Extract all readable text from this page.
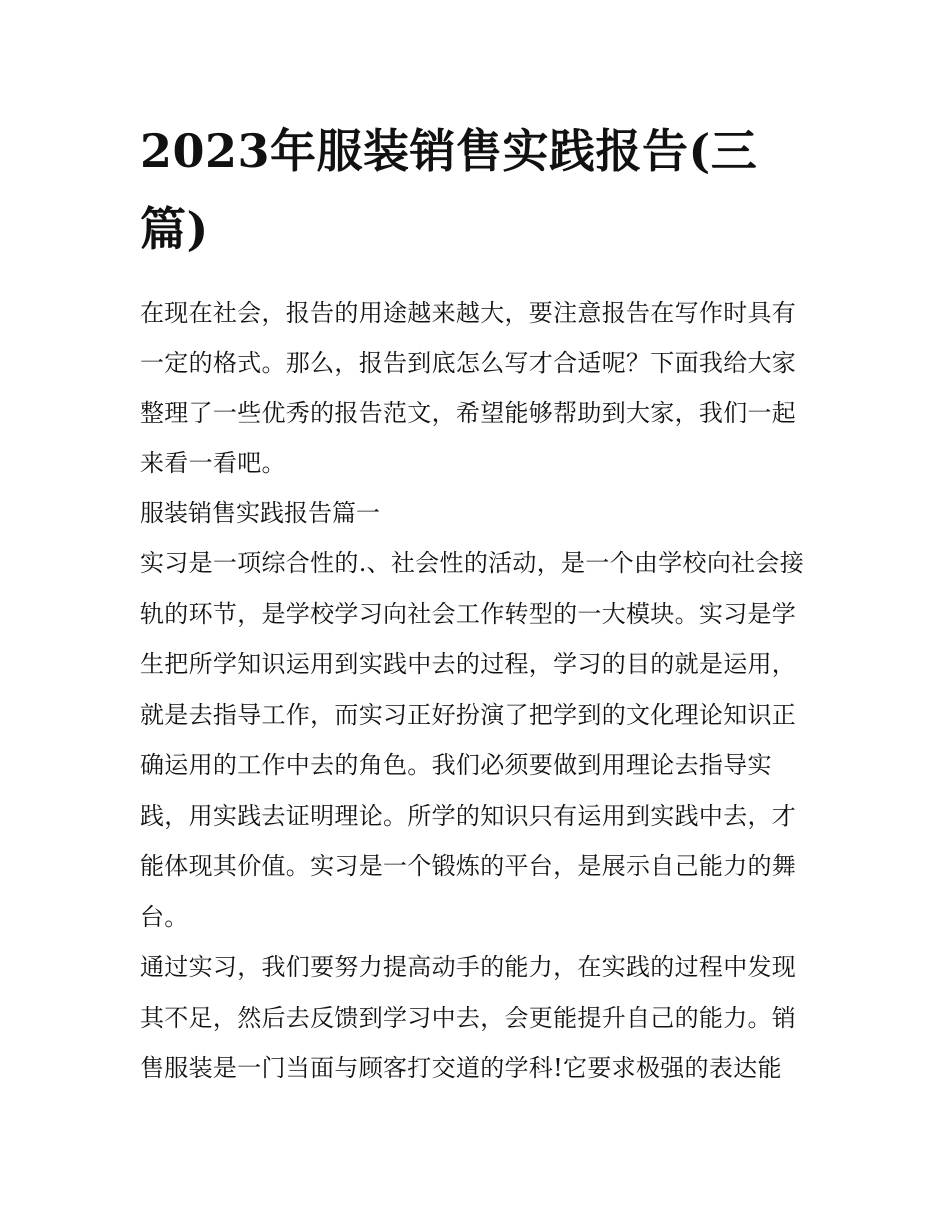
2023年服装销售实践报告(三篇)

在现在社会，报告的用途越来越大，要注意报告在写作时具有一定的格式。那么，报告到底怎么写才合适呢？下面我给大家整理了一些优秀的报告范文，希望能够帮助到大家，我们一起来看一看吧。

服装销售实践报告篇一

实习是一项综合性的.、社会性的活动，是一个由学校向社会接轨的环节，是学校学习向社会工作转型的一大模块。实习是学生把所学知识运用到实践中去的过程，学习的目的就是运用，就是去指导工作，而实习正好扮演了把学到的文化理论知识正确运用的工作中去的角色。我们必须要做到用理论去指导实践，用实践去证明理论。所学的知识只有运用到实践中去，才能体现其价值。实习是一个锻炼的平台，是展示自己能力的舞台。

通过实习，我们要努力提高动手的能力，在实践的过程中发现其不足，然后去反馈到学习中去，会更能提升自己的能力。销售服装是一门当面与顾客打交道的学科!它要求极强的表达能
